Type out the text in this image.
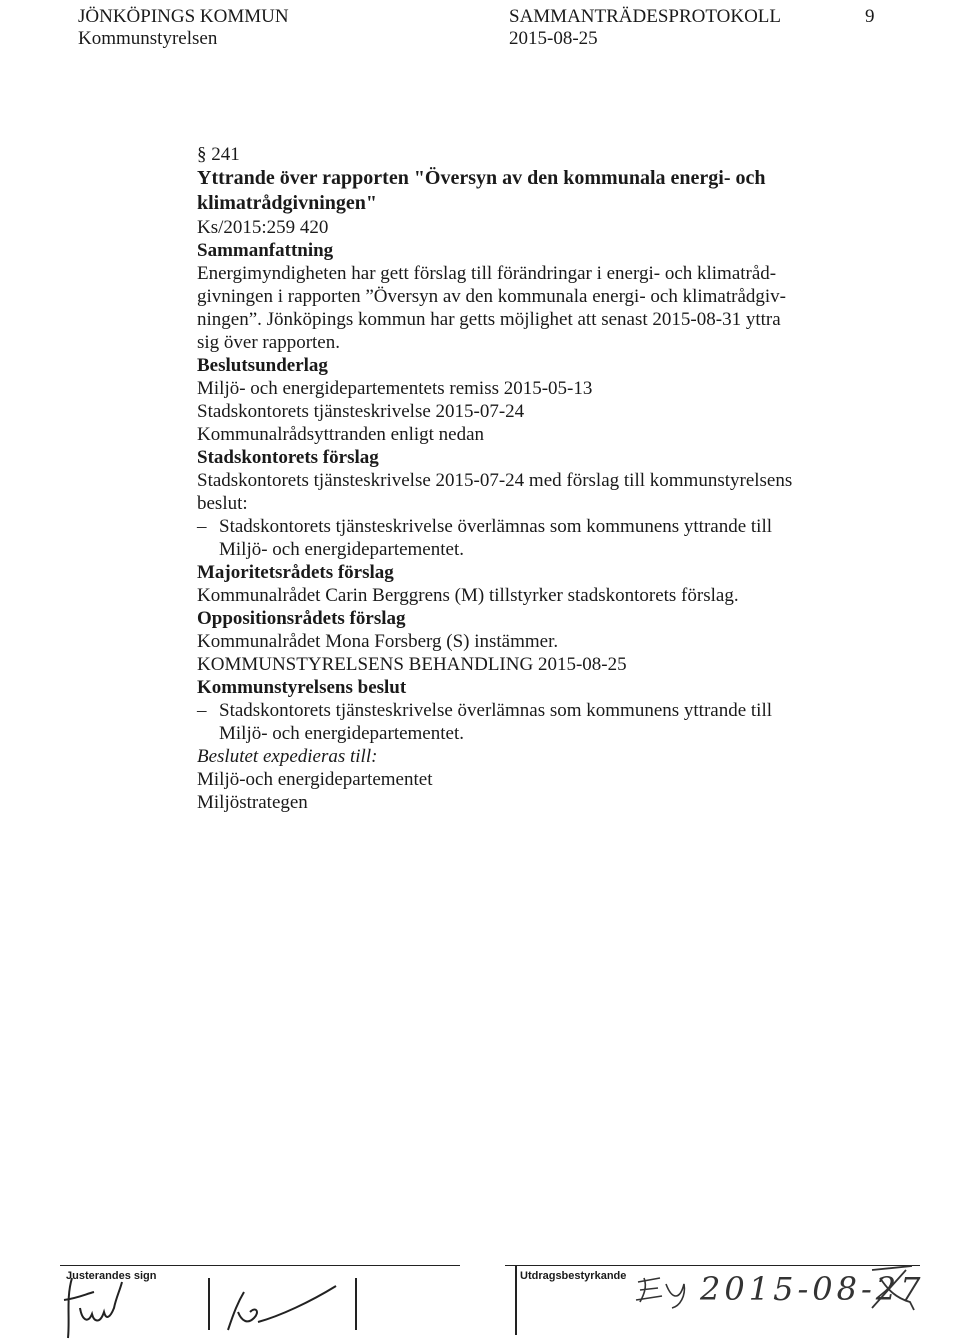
JÖNKÖPINGS KOMMUN
Kommunstyrelsen
SAMMANTRÄDESPROTOKOLL
2015-08-25
9
§ 241
Yttrande över rapporten "Översyn av den kommunala energi- och
klimatrådgivningen"
Ks/2015:259 420
Sammanfattning
Energimyndigheten har gett förslag till förändringar i energi- och klimatråd-
givningen i rapporten ”Översyn av den kommunala energi- och klimatrådgiv-
ningen”. Jönköpings kommun har getts möjlighet att senast 2015-08-31 yttra
sig över rapporten.
Beslutsunderlag
Miljö- och energidepartementets remiss 2015-05-13
Stadskontorets tjänsteskrivelse 2015-07-24
Kommunalrådsyttranden enligt nedan
Stadskontorets förslag
Stadskontorets tjänsteskrivelse 2015-07-24 med förslag till kommunstyrelsens
beslut:
– Stadskontorets tjänsteskrivelse överlämnas som kommunens yttrande till
Miljö- och energidepartementet.
Majoritetsrådets förslag
Kommunalrådet Carin Berggrens (M) tillstyrker stadskontorets förslag.
Oppositionsrådets förslag
Kommunalrådet Mona Forsberg (S) instämmer.
KOMMUNSTYRELSENS BEHANDLING 2015-08-25
Kommunstyrelsens beslut
– Stadskontorets tjänsteskrivelse överlämnas som kommunens yttrande till
Miljö- och energidepartementet.
Beslutet expedieras till:
Miljö-och energidepartementet
Miljöstrategen
Justerandes sign	Utdragsbestyrkande 2015-08-27
